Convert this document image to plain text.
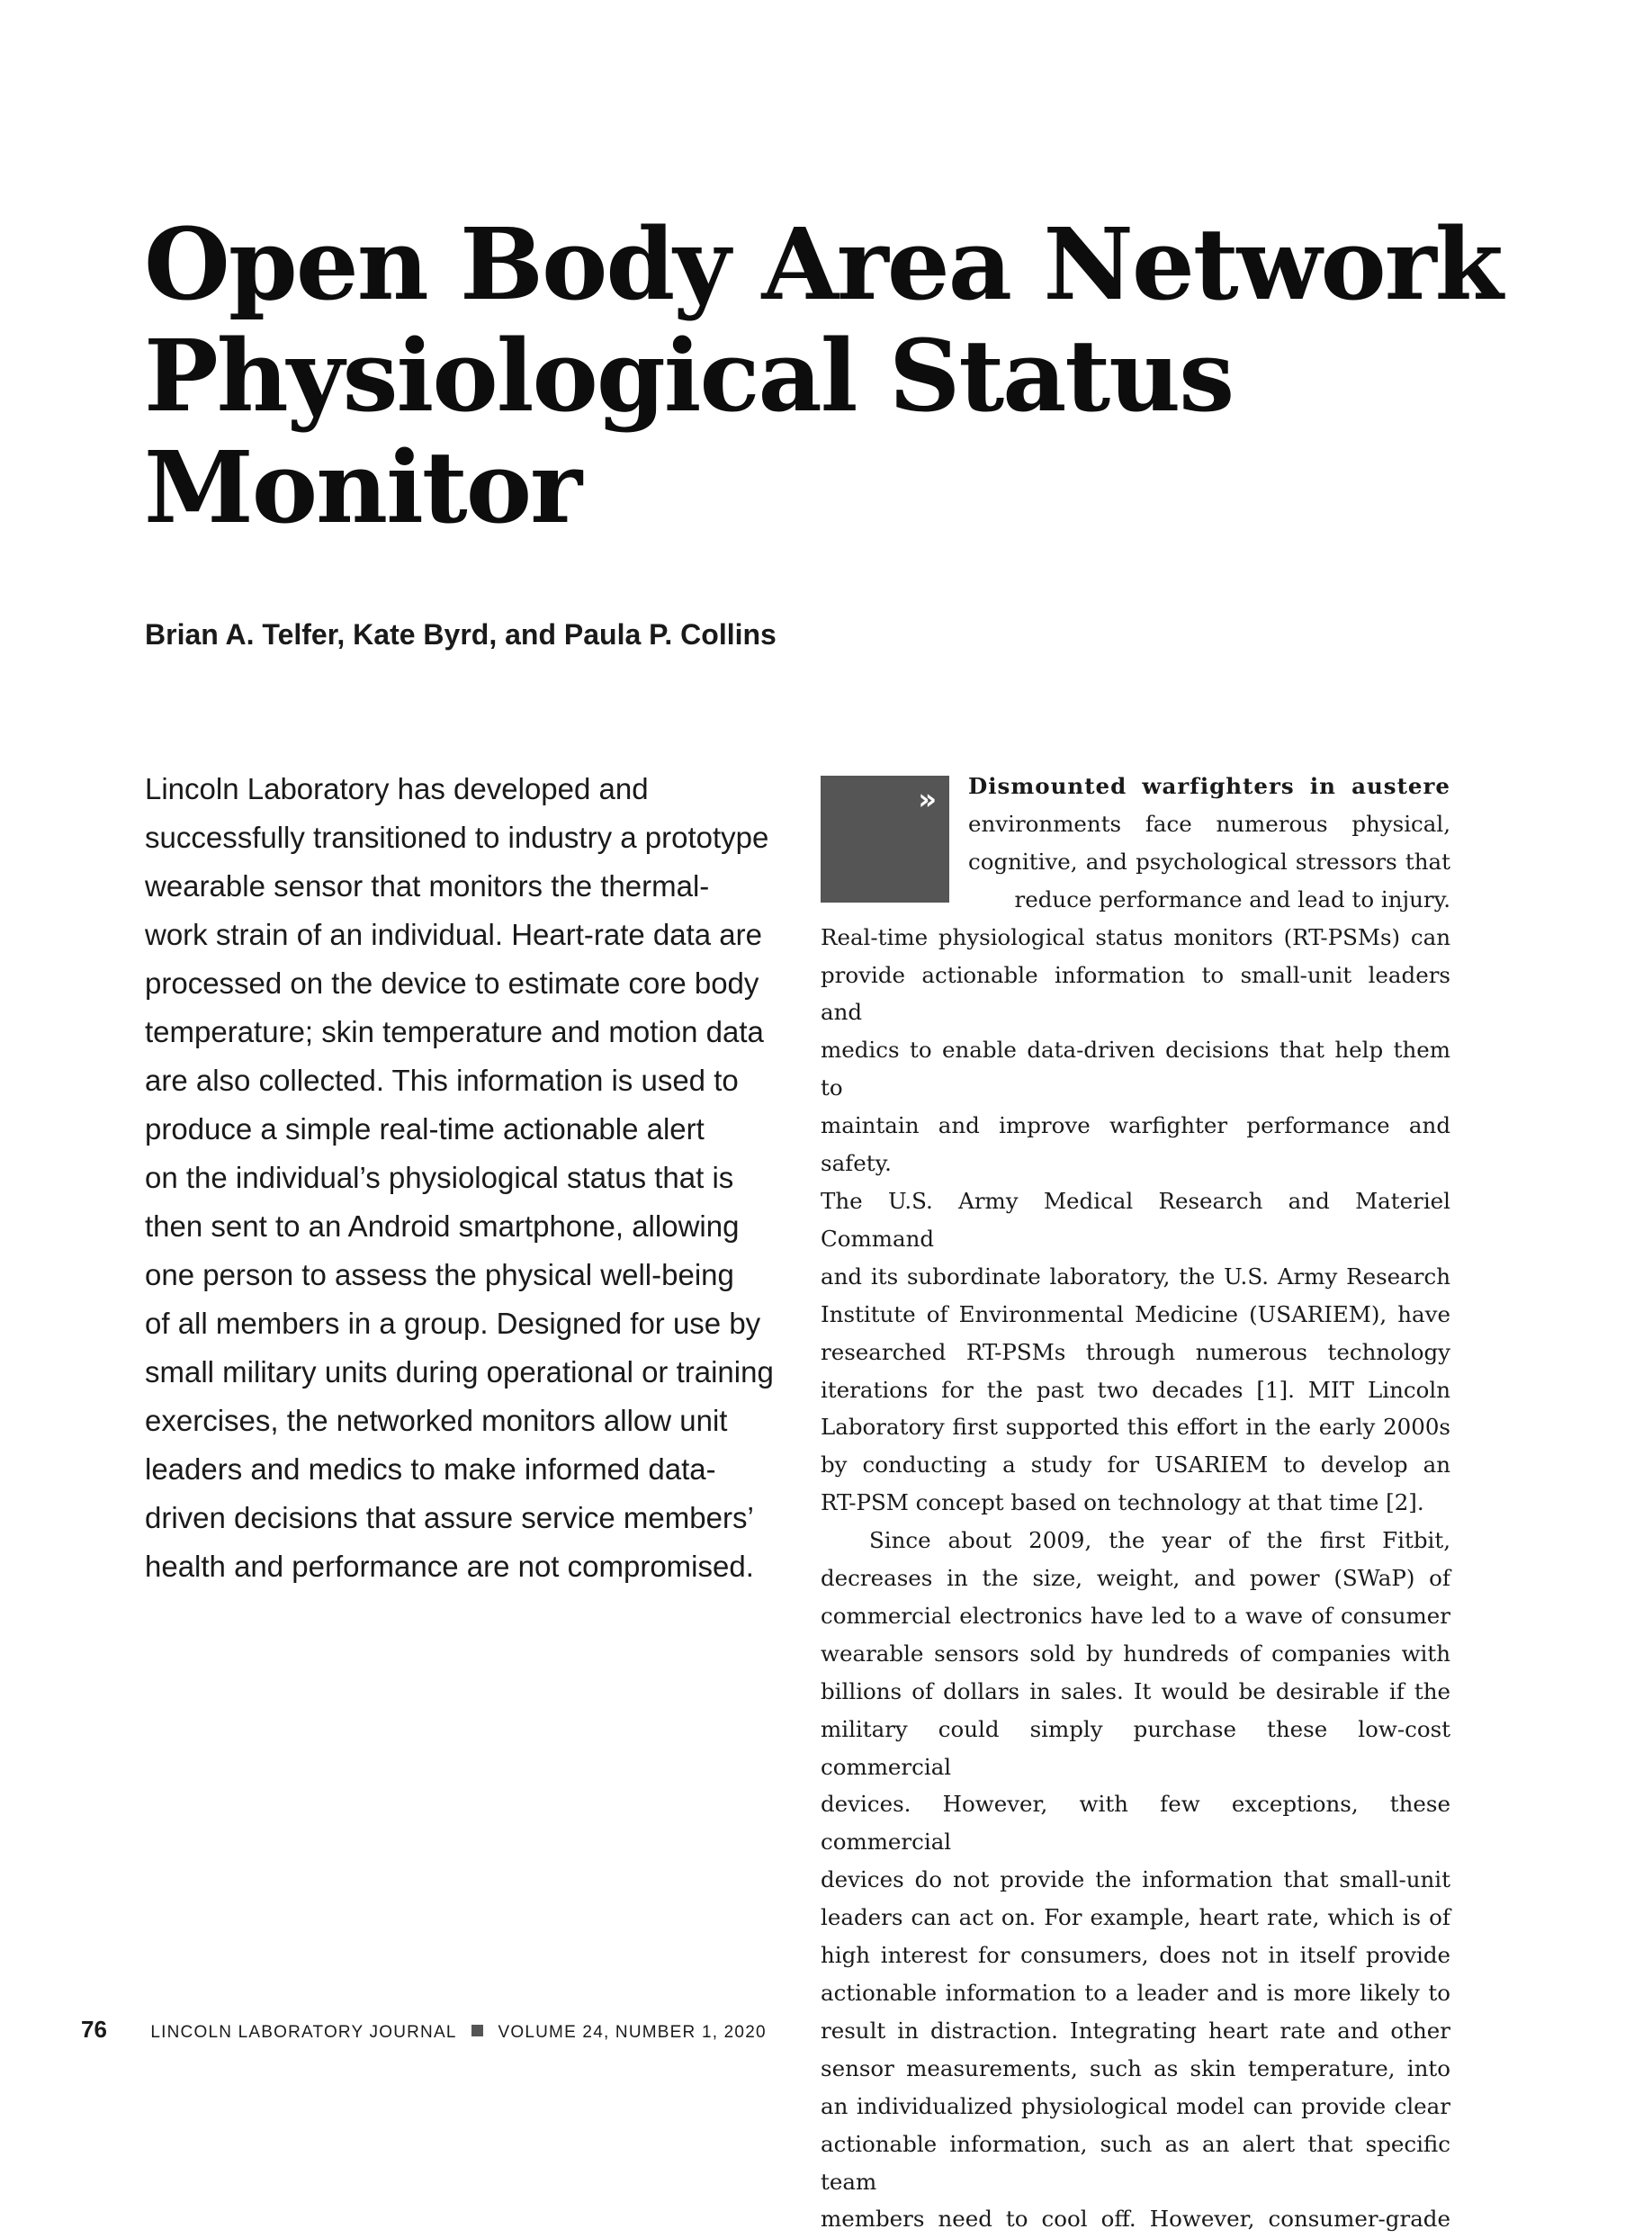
Open Body Area Network
Physiological Status
Monitor

Brian A. Telfer, Kate Byrd, and Paula P. Collins

Lincoln Laboratory has developed and
successfully transitioned to industry a prototype
wearable sensor that monitors the thermal-
work strain of an individual. Heart-rate data are
processed on the device to estimate core body
temperature; skin temperature and motion data
are also collected. This information is used to
produce a simple real-time actionable alert
on the individual’s physiological status that is
then sent to an Android smartphone, allowing
one person to assess the physical well-being
of all members in a group. Designed for use by
small military units during operational or training
exercises, the networked monitors allow unit
leaders and medics to make informed data-
driven decisions that assure service members’
health and performance are not compromised.
»	Dismounted warfighters in austere
environments face numerous physical,
cognitive, and psychological stressors that
reduce performance and lead to injury.
Real-time physiological status monitors (RT-PSMs) can
provide actionable information to small-unit leaders and
medics to enable data-driven decisions that help them to
maintain and improve warfighter performance and safety.
The U.S. Army Medical Research and Materiel Command
and its subordinate laboratory, the U.S. Army Research
Institute of Environmental Medicine (USARIEM), have
researched RT-PSMs through numerous technology
iterations for the past two decades [1]. MIT Lincoln
Laboratory first supported this effort in the early 2000s
by conducting a study for USARIEM to develop an
RT-PSM concept based on technology at that time [2].
Since about 2009, the year of the first Fitbit,
decreases in the size, weight, and power (SWaP) of
commercial electronics have led to a wave of consumer
wearable sensors sold by hundreds of companies with
billions of dollars in sales. It would be desirable if the
military could simply purchase these low-cost commercial
devices. However, with few exceptions, these commercial
devices do not provide the information that small-unit
leaders can act on. For example, heart rate, which is of
high interest for consumers, does not in itself provide
actionable information to a leader and is more likely to
result in distraction. Integrating heart rate and other
sensor measurements, such as skin temperature, into
an individualized physiological model can provide clear
actionable information, such as an alert that specific team
members need to cool off. However, consumer-grade
76	LINCOLN LABORATORY JOURNAL VOLUME 24, NUMBER 1, 2020
